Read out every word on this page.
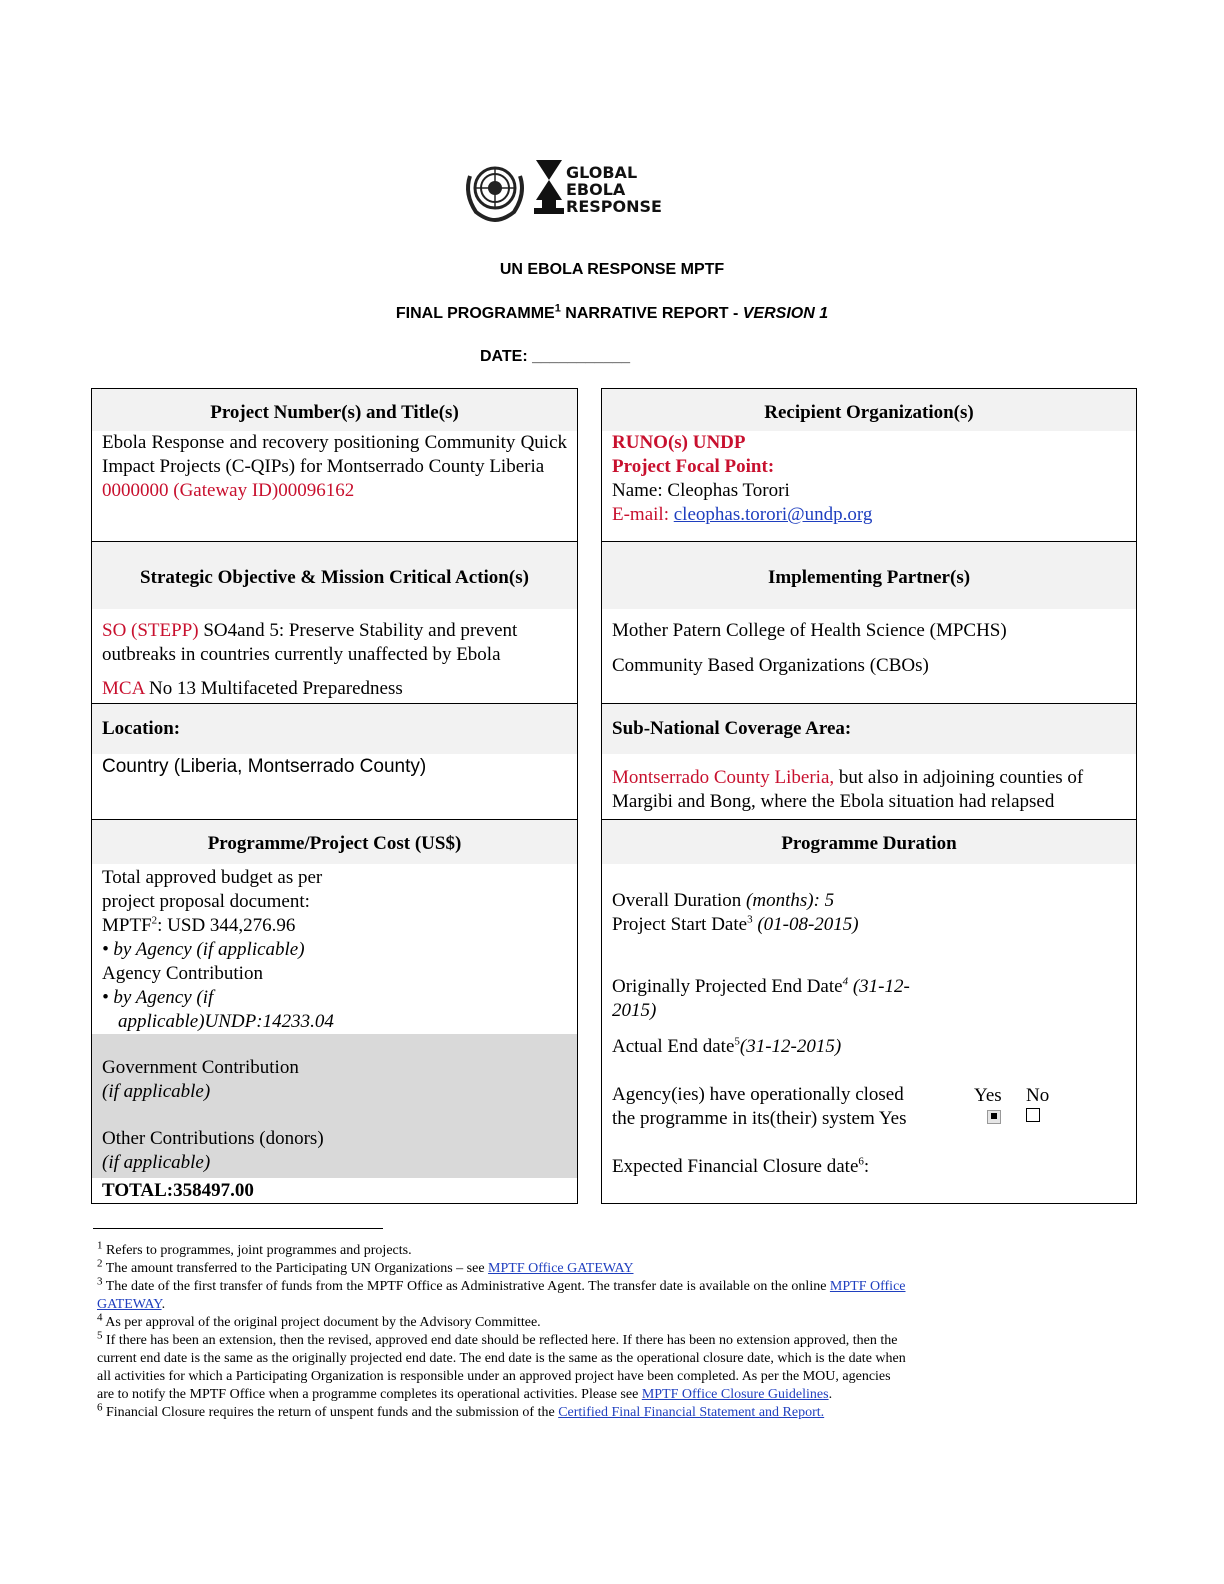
GLOBAL
EBOLA
RESPONSE
UN EBOLA RESPONSE MPTF
FINAL PROGRAMME$^1$ NARRATIVE REPORT - VERSION 1
DATE: ___________
Project Number(s) and Title(s)
Ebola Response and recovery positioning Community Quick Impact Projects (C-QIPs) for Montserrado County Liberia
0000000 (Gateway ID)00096162
Recipient Organization(s)
RUNO(s) UNDP
Project Focal Point:
Name: Cleophas Torori
E-mail: cleophas.torori@undp.org
Strategic Objective & Mission Critical Action(s)
SO (STEPP) SO4and 5: Preserve Stability and prevent outbreaks in countries currently unaffected by Ebola
MCA No 13 Multifaceted Preparedness
Implementing Partner(s)
Mother Patern College of Health Science (MPCHS)
Community Based Organizations (CBOs)
Location:
Country (Liberia, Montserrado County)
Sub-National Coverage Area:
Montserrado County Liberia, but also in adjoining counties of Margibi and Bong, where the Ebola situation had relapsed
Programme/Project Cost (US$)
Total approved budget as per
project proposal document:
MPTF$^2$: USD 344,276.96
• by Agency (if applicable)
Agency Contribution
• by Agency (if
applicable)UNDP:14233.04
Government Contribution
(if applicable)
Other Contributions (donors)
(if applicable)
TOTAL:358497.00
Programme Duration
Overall Duration (months): 5
Project Start Date$^3$ (01-08-2015)
Originally Projected End Date$^4$ (31-12-
2015)
Actual End date$^5$(31-12-2015)
Agency(ies) have operationally closed
the programme in its(their) system Yes
Yes No
Expected Financial Closure date$^6$:
$^1$ Refers to programmes, joint programmes and projects.
$^2$ The amount transferred to the Participating UN Organizations – see MPTF Office GATEWAY
$^3$ The date of the first transfer of funds from the MPTF Office as Administrative Agent. The transfer date is available on the online MPTF Office
GATEWAY.
$^4$ As per approval of the original project document by the Advisory Committee.
$^5$ If there has been an extension, then the revised, approved end date should be reflected here. If there has been no extension approved, then the
current end date is the same as the originally projected end date. The end date is the same as the operational closure date, which is the date when
all activities for which a Participating Organization is responsible under an approved project have been completed. As per the MOU, agencies
are to notify the MPTF Office when a programme completes its operational activities. Please see MPTF Office Closure Guidelines.
$^6$ Financial Closure requires the return of unspent funds and the submission of the Certified Final Financial Statement and Report.
